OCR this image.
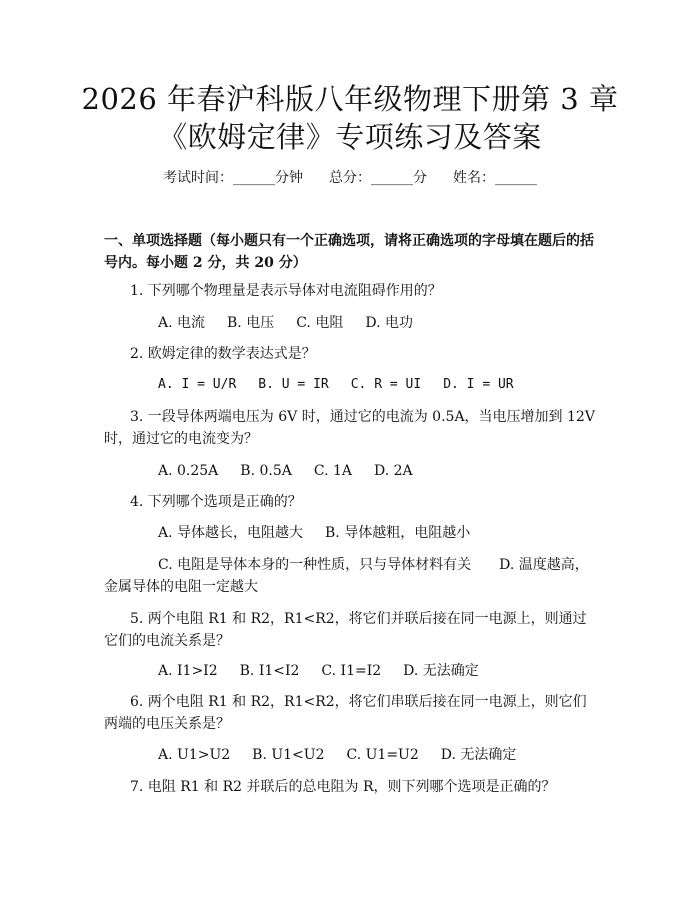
2026 年春沪科版八年级物理下册第 3 章《欧姆定律》专项练习及答案
考试时间：______分钟 总分：______分 姓名：______

一、单项选择题（每小题只有一个正确选项，请将正确选项的字母填在题后的括号内。每小题 2 分，共 20 分）

1. 下列哪个物理量是表示导体对电流阻碍作用的？

A. 电流 B. 电压 C. 电阻 D. 电功

2. 欧姆定律的数学表达式是？

A. I = U/R B. U = IR C. R = UI D. I = UR

3. 一段导体两端电压为 6V 时，通过它的电流为 0.5A，当电压增加到 12V 时，通过它的电流变为？

A. 0.25A B. 0.5A C. 1A D. 2A

4. 下列哪个选项是正确的？

A. 导体越长，电阻越大 B. 导体越粗，电阻越小

C. 电阻是导体本身的一种性质，只与导体材料有关　　D. 温度越高，金属导体的电阻一定越大

5. 两个电阻 R1 和 R2，R1<R2，将它们并联后接在同一电源上，则通过它们的电流关系是？

A. I1>I2 B. I1<I2 C. I1=I2 D. 无法确定

6. 两个电阻 R1 和 R2，R1<R2，将它们串联后接在同一电源上，则它们两端的电压关系是？

A. U1>U2 B. U1<U2 C. U1=U2 D. 无法确定

7. 电阻 R1 和 R2 并联后的总电阻为 R，则下列哪个选项是正确的？
